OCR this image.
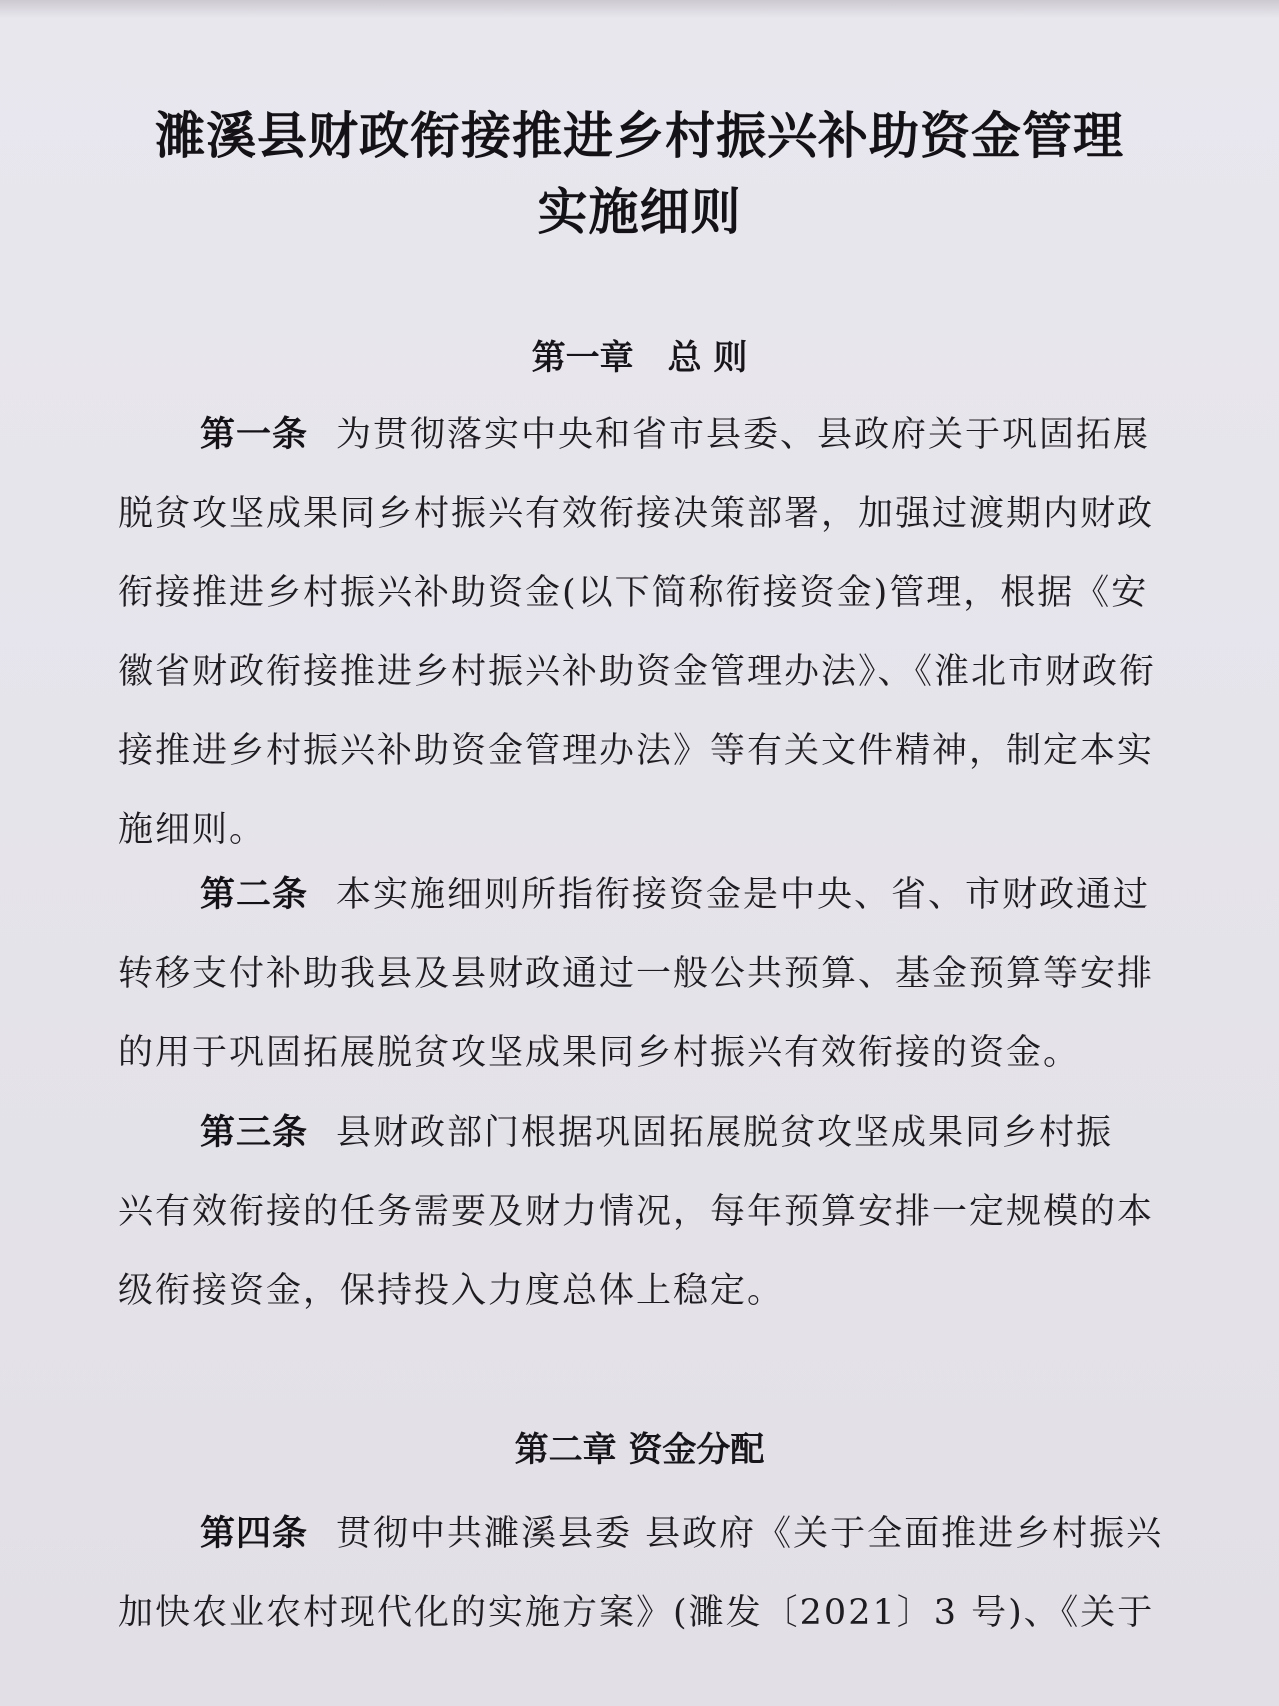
濉溪县财政衔接推进乡村振兴补助资金管理
实施细则
第一章　总 则
第一条 为贯彻落实中央和省市县委、县政府关于巩固拓展
脱贫攻坚成果同乡村振兴有效衔接决策部署，加强过渡期内财政
衔接推进乡村振兴补助资金(以下简称衔接资金)管理，根据《安
徽省财政衔接推进乡村振兴补助资金管理办法》、《淮北市财政衔
接推进乡村振兴补助资金管理办法》等有关文件精神，制定本实
施细则。
第二条 本实施细则所指衔接资金是中央、省、市财政通过
转移支付补助我县及县财政通过一般公共预算、基金预算等安排
的用于巩固拓展脱贫攻坚成果同乡村振兴有效衔接的资金。
第三条 县财政部门根据巩固拓展脱贫攻坚成果同乡村振
兴有效衔接的任务需要及财力情况，每年预算安排一定规模的本
级衔接资金，保持投入力度总体上稳定。
第二章 资金分配
第四条 贯彻中共濉溪县委 县政府《关于全面推进乡村振兴
加快农业农村现代化的实施方案》(濉发〔2021〕3 号)、《关于
